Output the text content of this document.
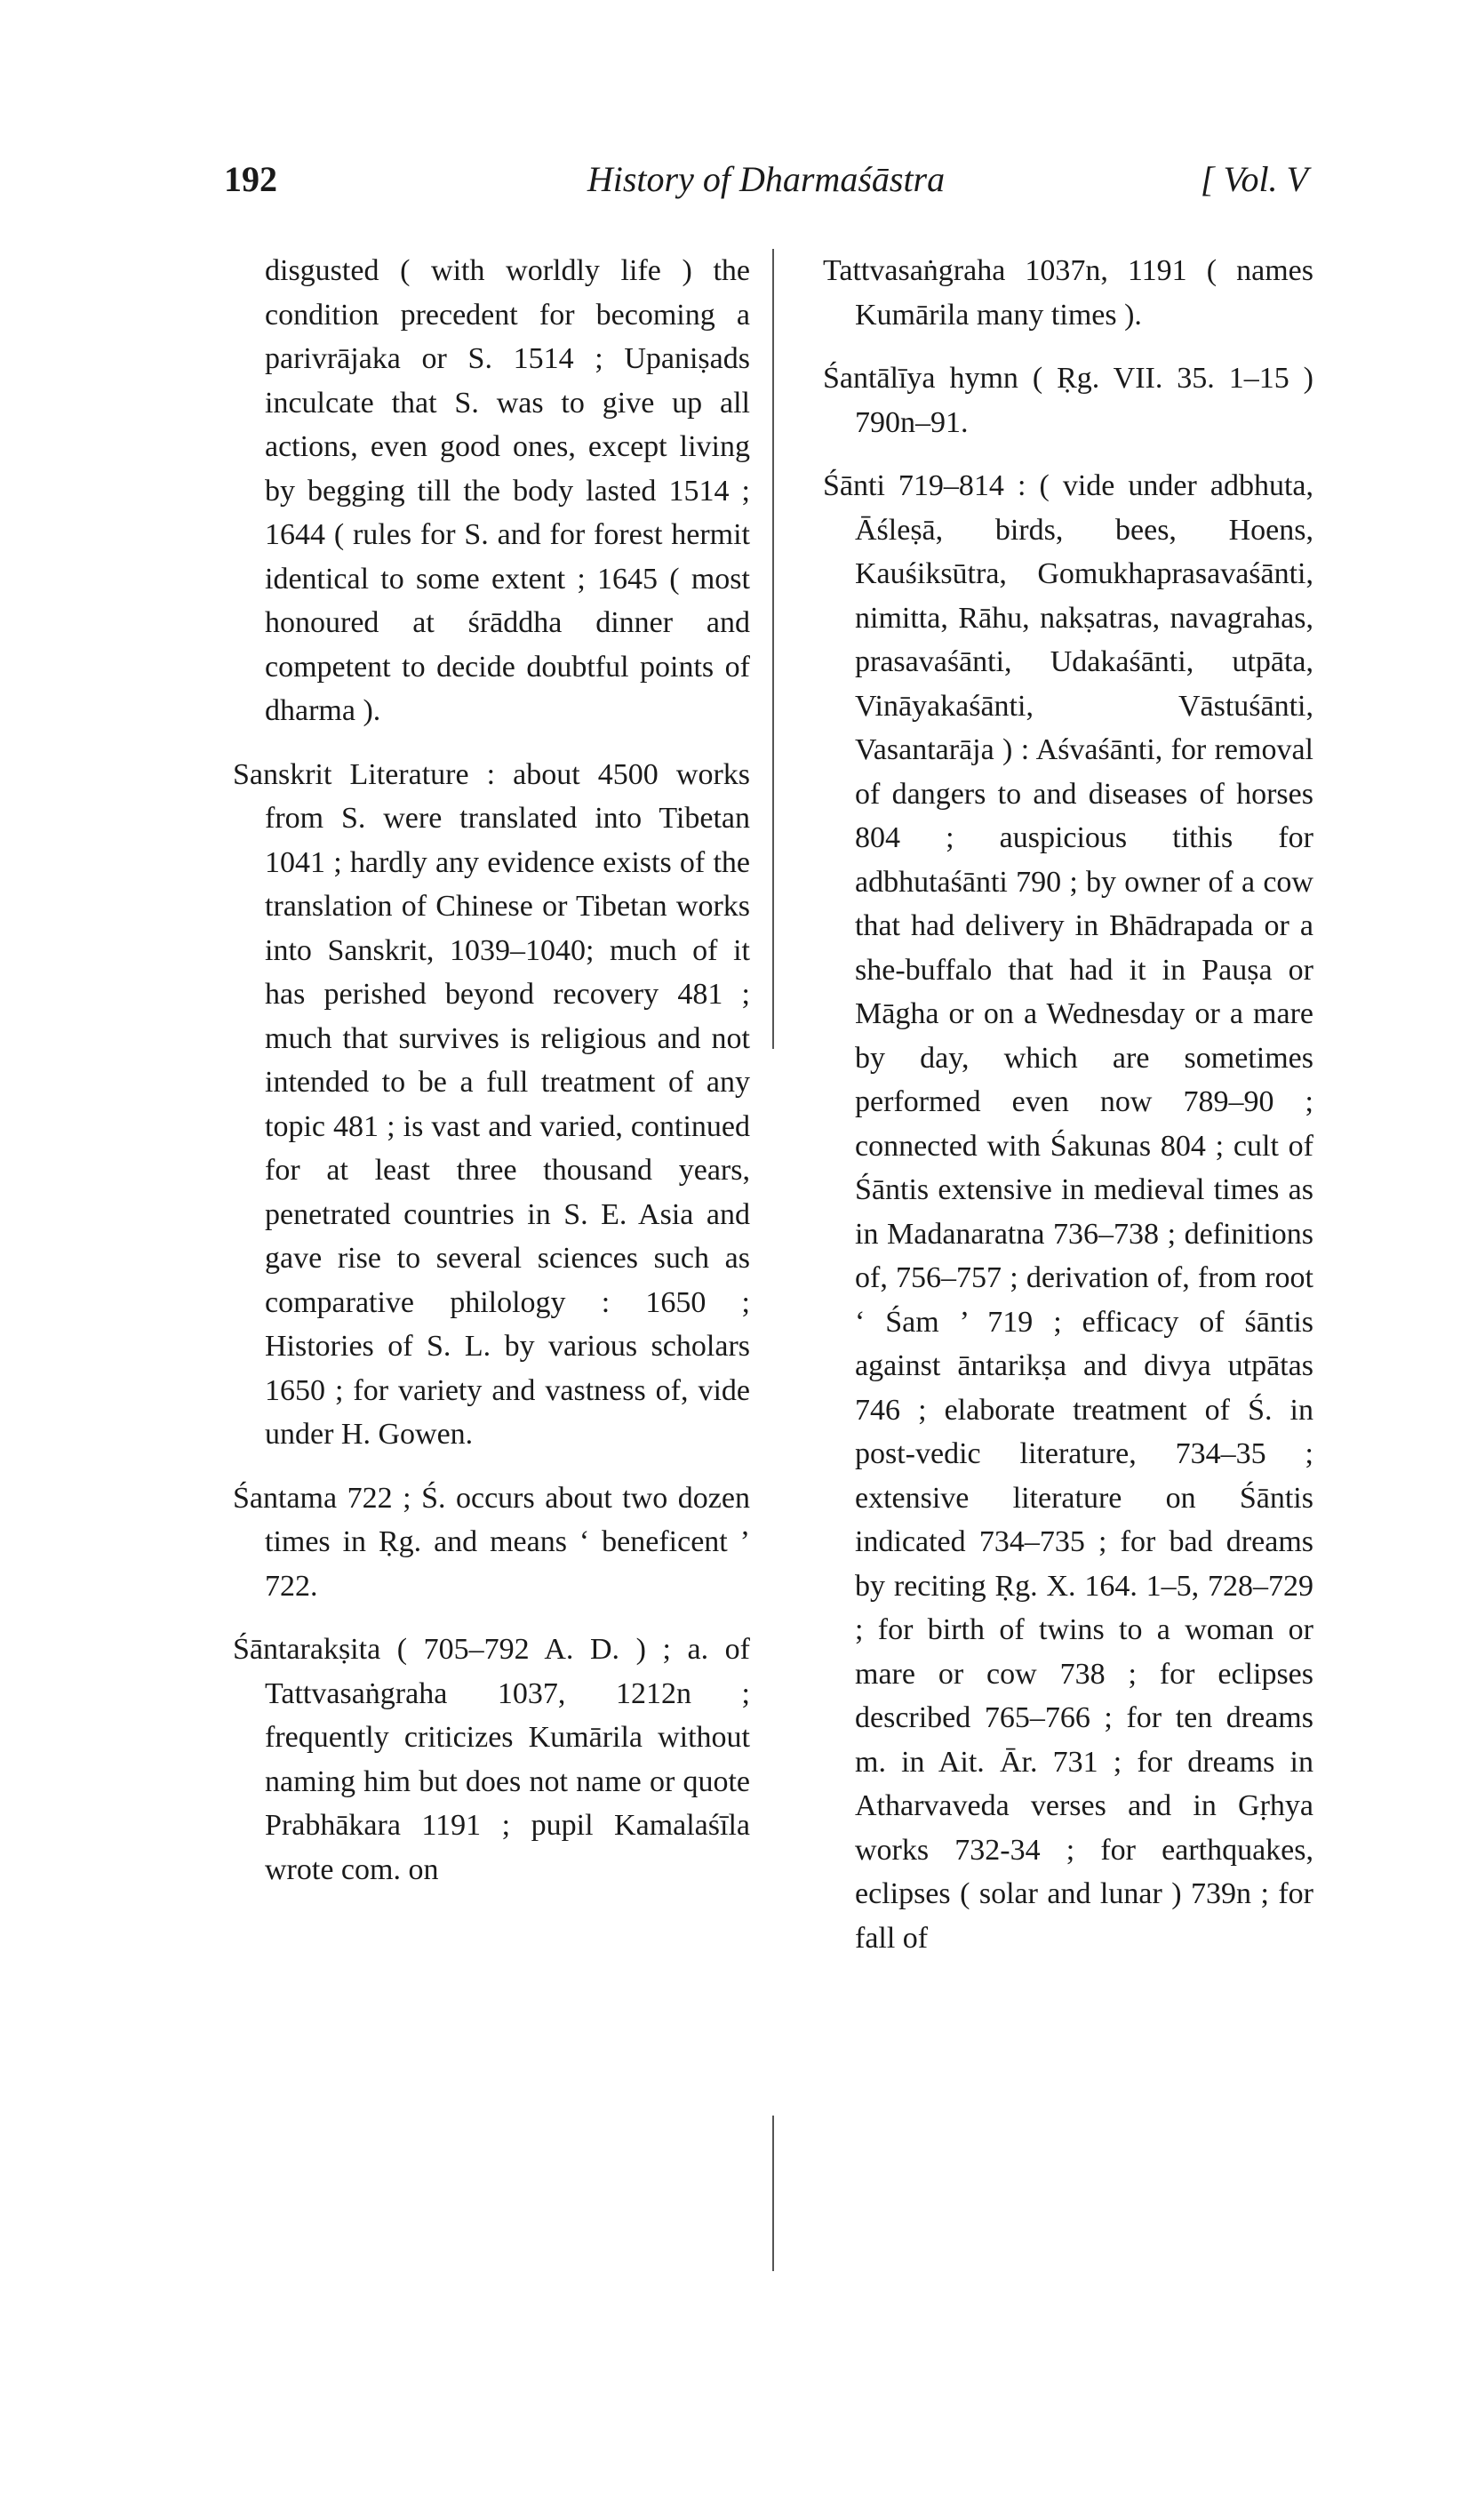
192	History of Dharmaśāstra	[ Vol. V

disgusted ( with worldly life ) the condition precedent for becoming a parivrājaka or S. 1514 ; Upaniṣads inculcate that S. was to give up all actions, even good ones, except living by begging till the body lasted 1514 ; 1644 ( rules for S. and for forest hermit identical to some extent ; 1645 ( most honoured at śrāddha dinner and competent to decide doubtful points of dharma ).

Sanskrit Literature : about 4500 works from S. were translated into Tibetan 1041 ; hardly any evidence exists of the translation of Chinese or Tibetan works into Sanskrit, 1039–1040; much of it has perished beyond recovery 481 ; much that survives is religious and not intended to be a full treatment of any topic 481 ; is vast and varied, continued for at least three thousand years, penetrated countries in S. E. Asia and gave rise to several sciences such as comparative philology : 1650 ; Histories of S. L. by various scholars 1650 ; for variety and vastness of, vide under H. Gowen.

Śantama 722 ; Ś. occurs about two dozen times in Ṛg. and means ‘ beneficent ’ 722.

Śāntarakṣita ( 705–792 A. D. ) ; a. of Tattvasaṅgraha 1037, 1212n ; frequently criticizes Kumārila without naming him but does not name or quote Prabhākara 1191 ; pupil Kamalaśīla wrote com. on

Tattvasaṅgraha 1037n, 1191 ( names Kumārila many times ).

Śantālīya hymn ( Ṛg. VII. 35. 1–15 ) 790n–91.

Śānti 719–814 : ( vide under adbhuta, Āśleṣā, birds, bees, Hoens, Kauśiksūtra, Gomukhaprasavaśānti, nimitta, Rāhu, nakṣatras, navagrahas, prasavaśānti, Udakaśānti, utpāta, Vināyakaśānti, Vāstuśānti, Vasantarāja ) : Aśvaśānti, for removal of dangers to and diseases of horses 804 ; auspicious tithis for adbhutaśānti 790 ; by owner of a cow that had delivery in Bhādrapada or a she-buffalo that had it in Pauṣa or Māgha or on a Wednesday or a mare by day, which are sometimes performed even now 789–90 ; connected with Śakunas 804 ; cult of Śāntis extensive in medieval times as in Madanaratna 736–738 ; definitions of, 756–757 ; derivation of, from root ‘ Śam ’ 719 ; efficacy of śāntis against āntarikṣa and divya utpātas 746 ; elaborate treatment of Ś. in post-vedic literature, 734–35 ; extensive literature on Śāntis indicated 734–735 ; for bad dreams by reciting Ṛg. X. 164. 1–5, 728–729 ; for birth of twins to a woman or mare or cow 738 ; for eclipses described 765–766 ; for ten dreams m. in Ait. Ār. 731 ; for dreams in Atharvaveda verses and in Gṛhya works 732-34 ; for earthquakes, eclipses ( solar and lunar ) 739n ; for fall of
